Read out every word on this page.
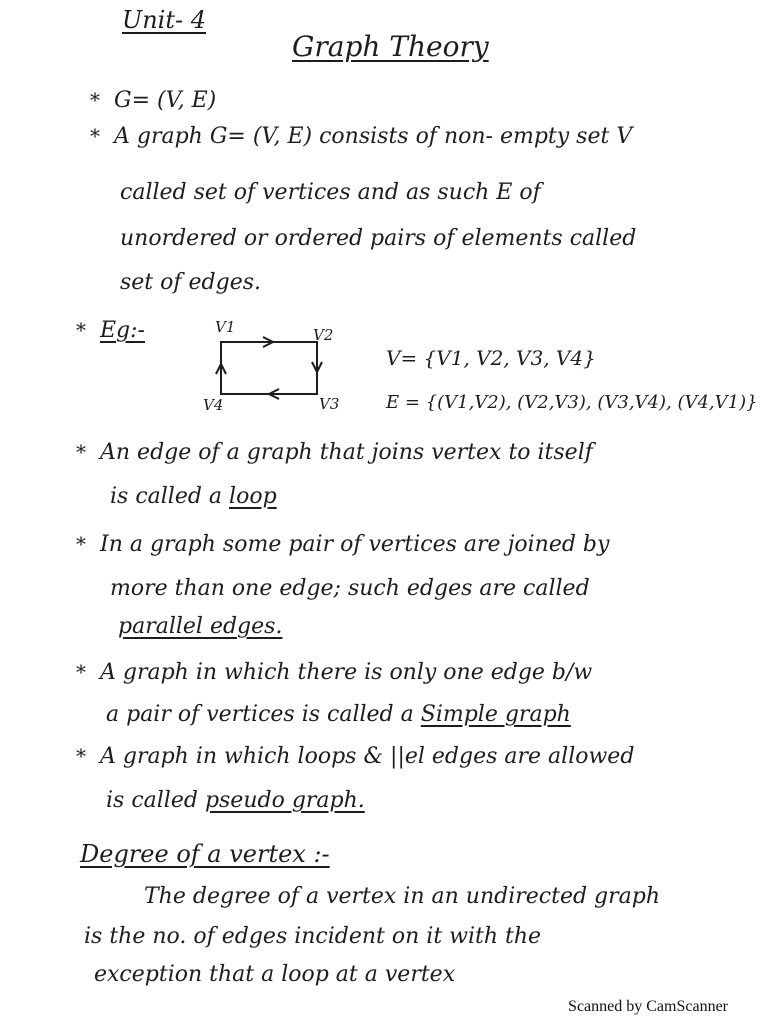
Unit- 4
Graph Theory
* G= (V, E)
* A graph G= (V, E) consists of non- empty set V
called set of vertices and as such E of
unordered or ordered pairs of elements called
set of edges.
* Eg:-	V1	V2
V3
V4
V= {V1, V2, V3, V4}
E = {(V1,V2), (V2,V3), (V3,V4), (V4,V1)}
* An edge of a graph that joins vertex to itself
is called a loop
* In a graph some pair of vertices are joined by
more than one edge; such edges are called
parallel edges.
* A graph in which there is only one edge b/w
a pair of vertices is called a Simple graph
* A graph in which loops & ||el edges are allowed
is called pseudo graph.
Degree of a vertex :-
The degree of a vertex in an undirected graph
is the no. of edges incident on it with the
exception that a loop at a vertex
Scanned by CamScanner
